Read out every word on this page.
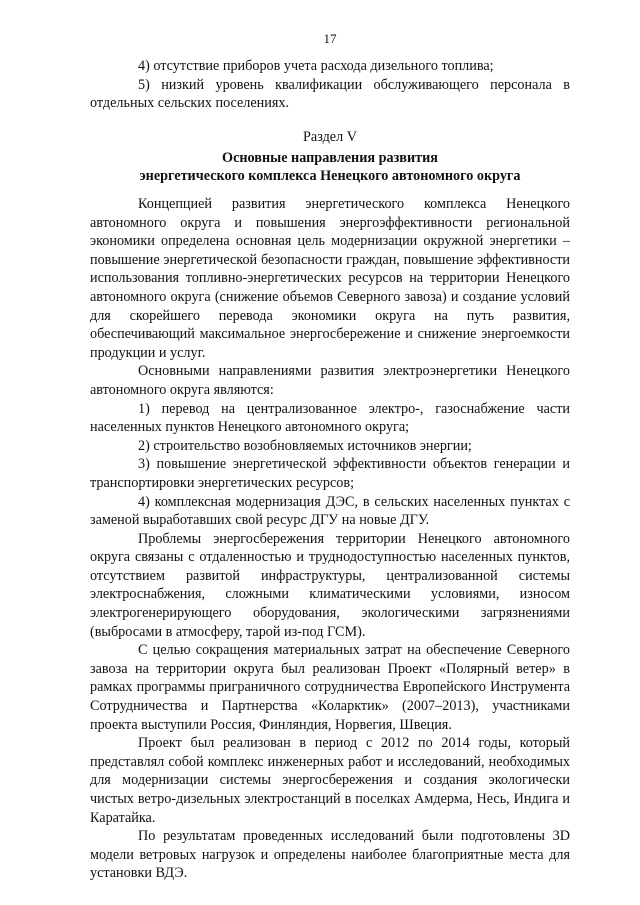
17

4) отсутствие приборов учета расхода дизельного топлива;

5) низкий уровень квалификации обслуживающего персонала в отдельных сельских поселениях.

Раздел V
Основные направления развития
энергетического комплекса Ненецкого автономного округа

Концепцией развития энергетического комплекса Ненецкого автономного округа и повышения энергоэффективности региональной экономики определена основная цель модернизации окружной энергетики – повышение энергетической безопасности граждан, повышение эффективности использования топливно-энергетических ресурсов на территории Ненецкого автономного округа (снижение объемов Северного завоза) и создание условий для скорейшего перевода экономики округа на путь развития, обеспечивающий максимальное энергосбережение и снижение энергоемкости продукции и услуг.

Основными направлениями развития электроэнергетики Ненецкого автономного округа являются:

1) перевод на централизованное электро-, газоснабжение части населенных пунктов Ненецкого автономного округа;

2) строительство возобновляемых источников энергии;

3) повышение энергетической эффективности объектов генерации и транспортировки энергетических ресурсов;

4) комплексная модернизация ДЭС, в сельских населенных пунктах с заменой выработавших свой ресурс ДГУ на новые ДГУ.

Проблемы энергосбережения территории Ненецкого автономного округа связаны с отдаленностью и труднодоступностью населенных пунктов, отсутствием развитой инфраструктуры, централизованной системы электроснабжения, сложными климатическими условиями, износом электрогенерирующего оборудования, экологическими загрязнениями (выбросами в атмосферу, тарой из-под ГСМ).

С целью сокращения материальных затрат на обеспечение Северного завоза на территории округа был реализован Проект «Полярный ветер» в рамках программы приграничного сотрудничества Европейского Инструмента Сотрудничества и Партнерства «Коларктик» (2007–2013), участниками проекта выступили Россия, Финляндия, Норвегия, Швеция.

Проект был реализован в период с 2012 по 2014 годы, который представлял собой комплекс инженерных работ и исследований, необходимых для модернизации системы энергосбережения и создания экологически чистых ветро-дизельных электростанций в поселках Амдерма, Несь, Индига и Каратайка.

По результатам проведенных исследований были подготовлены 3D модели ветровых нагрузок и определены наиболее благоприятные места для установки ВДЭ.
